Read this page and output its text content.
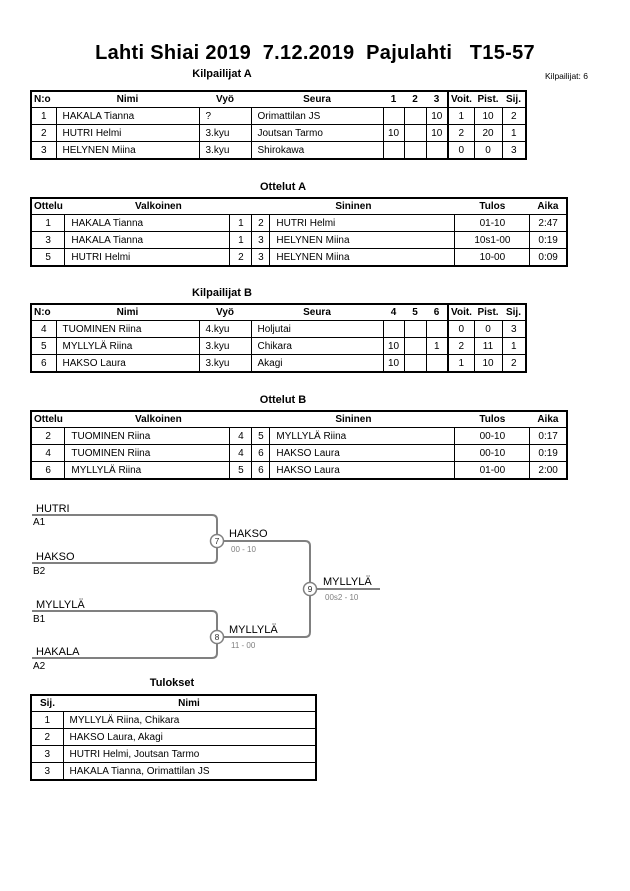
Lahti Shiai 2019  7.12.2019  Pajulahti   T15-57
Kilpailijat: 6
Kilpailijat A
N:o	Nimi	Vyö	Seura	1	2	3	Voit.	Pist.	Sij.
1	HAKALA Tianna	?	Orimattilan JS			10	1	10	2
2	HUTRI Helmi	3.kyu	Joutsan Tarmo	10		10	2	20	1
3	HELYNEN Miina	3.kyu	Shirokawa				0	0	3
Ottelut A
Ottelu	Valkoinen		Sininen		Tulos	Aika
1	HAKALA Tianna	1	2	HUTRI Helmi	01-10	2:47
3	HAKALA Tianna	1	3	HELYNEN Miina	10s1-00	0:19
5	HUTRI Helmi	2	3	HELYNEN Miina	10-00	0:09
Kilpailijat B
N:o	Nimi	Vyö	Seura	4	5	6	Voit.	Pist.	Sij.
4	TUOMINEN Riina	4.kyu	Holjutai				0	0	3
5	MYLLYLÄ Riina	3.kyu	Chikara	10		1	2	11	1
6	HAKSO Laura	3.kyu	Akagi	10			1	10	2
Ottelut B
Ottelu	Valkoinen		Sininen		Tulos	Aika
2	TUOMINEN Riina	4	5	MYLLYLÄ Riina	00-10	0:17
4	TUOMINEN Riina	4	6	HAKSO Laura	00-10	0:19
6	MYLLYLÄ Riina	5	6	HAKSO Laura	01-00	2:00
7
8
9
HUTRI
A1
HAKSO
B2
MYLLYLÄ
B1
HAKALA
A2
HAKSO
00 - 10
MYLLYLÄ
11 - 00
MYLLYLÄ
00s2 - 10
Tulokset
Sij.	Nimi
1	MYLLYLÄ Riina, Chikara
2	HAKSO Laura, Akagi
3	HUTRI Helmi, Joutsan Tarmo
3	HAKALA Tianna, Orimattilan JS
